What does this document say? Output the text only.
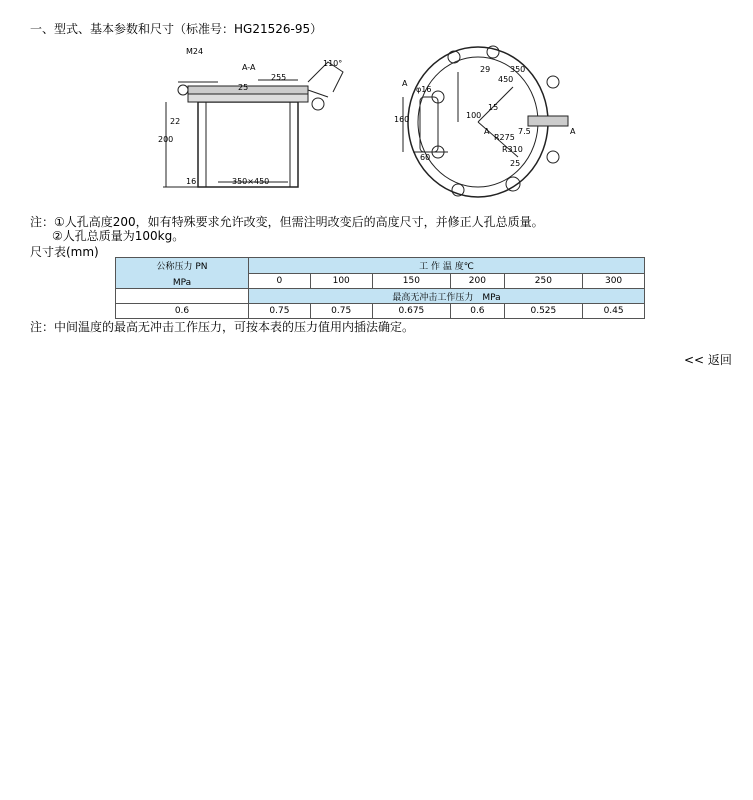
一、型式、基本参数和尺寸（标准号：HG21526-95）
M24
A-A	110°
255
25
22
200
16	350×450
φ16
160	100
60
15
29
R275
R310
7.5
25
450
350
A
A	A
注：①人孔高度200，如有特殊要求允许改变，但需注明改变后的高度尺寸，并修正人孔总质量。
②人孔总质量为100kg。
尺寸表(mm)
公称压力 PN
MPa	工 作 温 度℃					
	0	100	150	200	250	300
	最高无冲击工作压力　MPa					
0.6	0.75	0.75	0.675	0.6	0.525	0.45
注：中间温度的最高无冲击工作压力，可按本表的压力值用内插法确定。
<< 返回
